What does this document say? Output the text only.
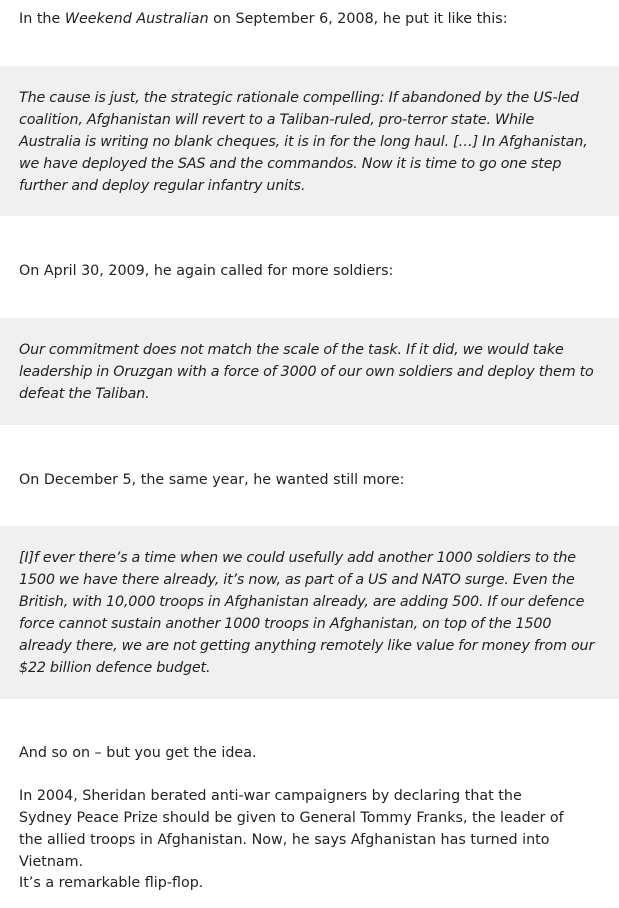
In the Weekend Australian on September 6, 2008, he put it like this:

The cause is just, the strategic rationale compelling: If abandoned by the US-led coalition, Afghanistan will revert to a Taliban-ruled, pro-terror state. While Australia is writing no blank cheques, it is in for the long haul. […] In Afghanistan, we have deployed the SAS and the commandos. Now it is time to go one step further and deploy regular infantry units.

On April 30, 2009, he again called for more soldiers:

Our commitment does not match the scale of the task. If it did, we would take leadership in Oruzgan with a force of 3000 of our own soldiers and deploy them to defeat the Taliban.

On December 5, the same year, he wanted still more:

[I]f ever there’s a time when we could usefully add another 1000 soldiers to the 1500 we have there already, it’s now, as part of a US and NATO surge. Even the British, with 10,000 troops in Afghanistan already, are adding 500. If our defence force cannot sustain another 1000 troops in Afghanistan, on top of the 1500 already there, we are not getting anything remotely like value for money from our $22 billion defence budget.

And so on – but you get the idea.

In 2004, Sheridan berated anti-war campaigners by declaring that the Sydney Peace Prize should be given to General Tommy Franks, the leader of the allied troops in Afghanistan. Now, he says Afghanistan has turned into Vietnam.

It’s a remarkable flip-flop.
